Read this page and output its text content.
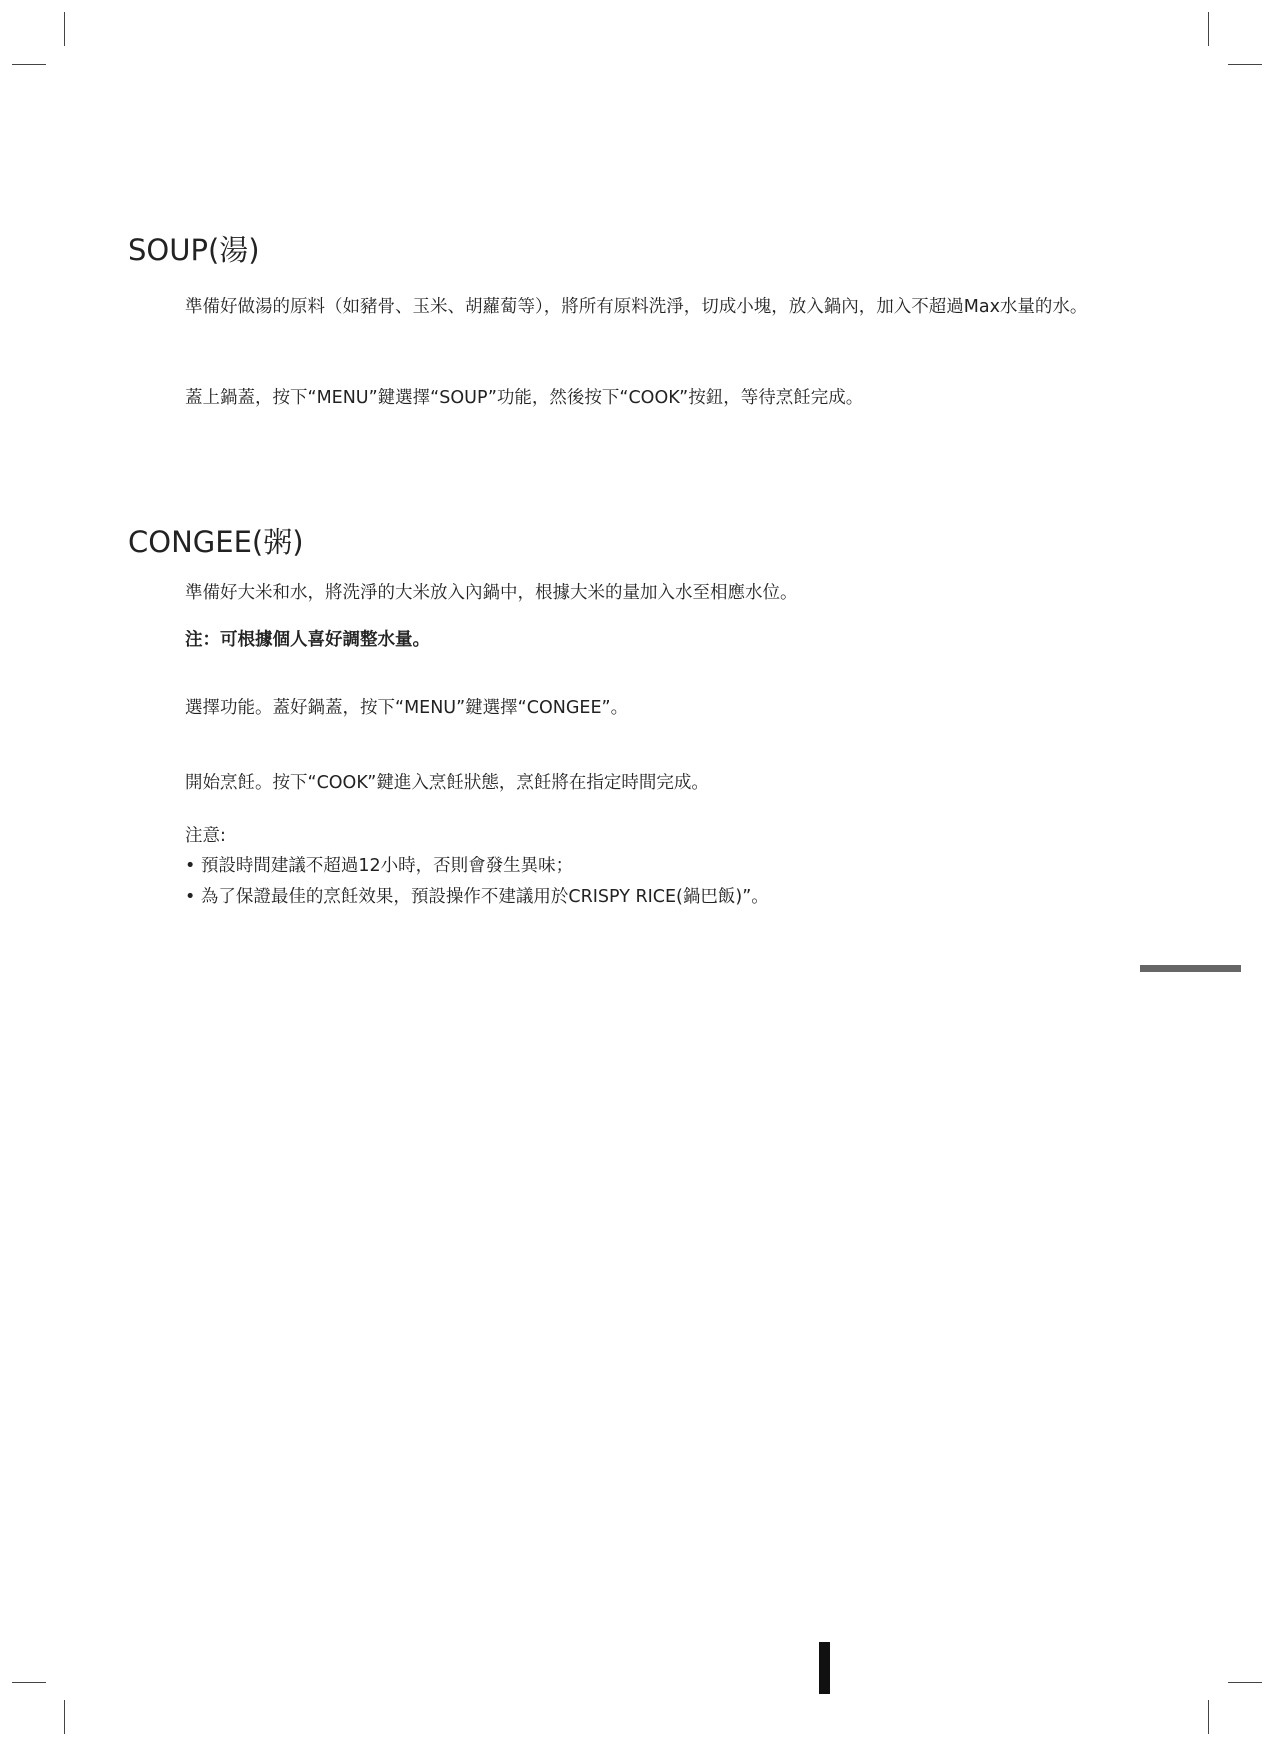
SOUP(湯)

準備好做湯的原料（如豬骨、玉米、胡蘿蔔等），將所有原料洗淨，切成小塊，放入鍋內，加入不超過Max水量的水。

蓋上鍋蓋，按下“MENU”鍵選擇“SOUP”功能，然後按下“COOK”按鈕，等待烹飪完成。

CONGEE(粥)

準備好大米和水，將洗淨的大米放入內鍋中，根據大米的量加入水至相應水位。

注：可根據個人喜好調整水量。

選擇功能。蓋好鍋蓋，按下“MENU”鍵選擇“CONGEE”。

開始烹飪。按下“COOK”鍵進入烹飪狀態，烹飪將在指定時間完成。

注意:

• 預設時間建議不超過12小時，否則會發生異味；

• 為了保證最佳的烹飪效果，預設操作不建議用於CRISPY RICE(鍋巴飯)”。
